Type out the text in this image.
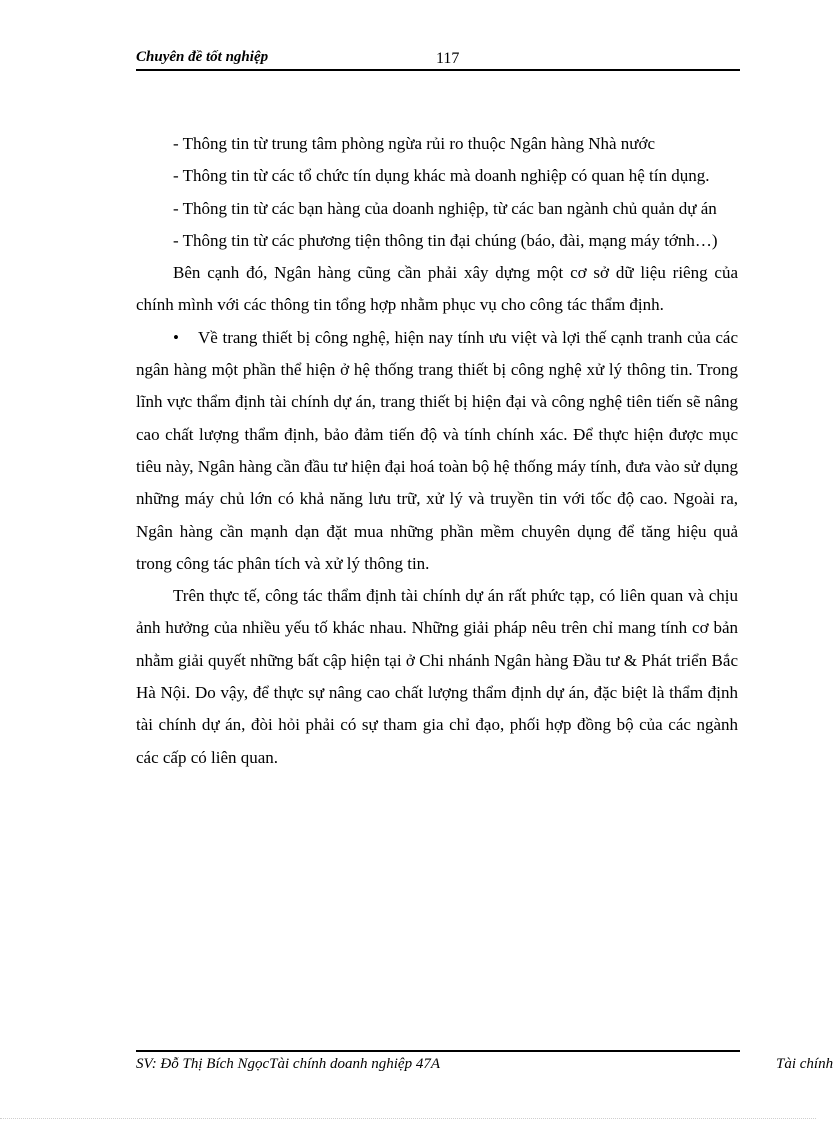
Chuyên đề tốt nghiệp	117

- Thông tin từ trung tâm phòng ngừa rủi ro thuộc Ngân hàng Nhà nước

- Thông tin từ các tổ chức tín dụng khác mà doanh nghiệp có quan hệ tín dụng.

- Thông tin từ các bạn hàng của doanh nghiệp, từ các ban ngành chủ quản dự án

- Thông tin từ các phương tiện thông tin đại chúng (báo, đài, mạng máy tớnh…)

Bên cạnh đó, Ngân hàng cũng cần phải xây dựng một cơ sở dữ liệu riêng của chính mình với các thông tin tổng hợp nhằm phục vụ cho công tác thẩm định.

• Về trang thiết bị công nghệ, hiện nay tính ưu việt và lợi thế cạnh tranh của các ngân hàng một phần thể hiện ở hệ thống trang thiết bị công nghệ xử lý thông tin. Trong lĩnh vực thẩm định tài chính dự án, trang thiết bị hiện đại và công nghệ tiên tiến sẽ nâng cao chất lượng thẩm định, bảo đảm tiến độ và tính chính xác. Để thực hiện được mục tiêu này, Ngân hàng cần đầu tư hiện đại hoá toàn bộ hệ thống máy tính, đưa vào sử dụng những máy chủ lớn có khả năng lưu trữ, xử lý và truyền tin với tốc độ cao. Ngoài ra, Ngân hàng cần mạnh dạn đặt mua những phần mềm chuyên dụng để tăng hiệu quả trong công tác phân tích và xử lý thông tin.

Trên thực tế, công tác thẩm định tài chính dự án rất phức tạp, có liên quan và chịu ảnh hưởng của nhiều yếu tố khác nhau. Những giải pháp nêu trên chỉ mang tính cơ bản nhằm giải quyết những bất cập hiện tại ở Chi nhánh Ngân hàng Đầu tư & Phát triển Bắc Hà Nội. Do vậy, để thực sự nâng cao chất lượng thẩm định dự án, đặc biệt là thẩm định tài chính dự án, đòi hỏi phải có sự tham gia chỉ đạo, phối hợp đồng bộ của các ngành các cấp có liên quan.

SV: Đỗ Thị Bích NgọcTài chính doanh nghiệp 47A	Tài chính
